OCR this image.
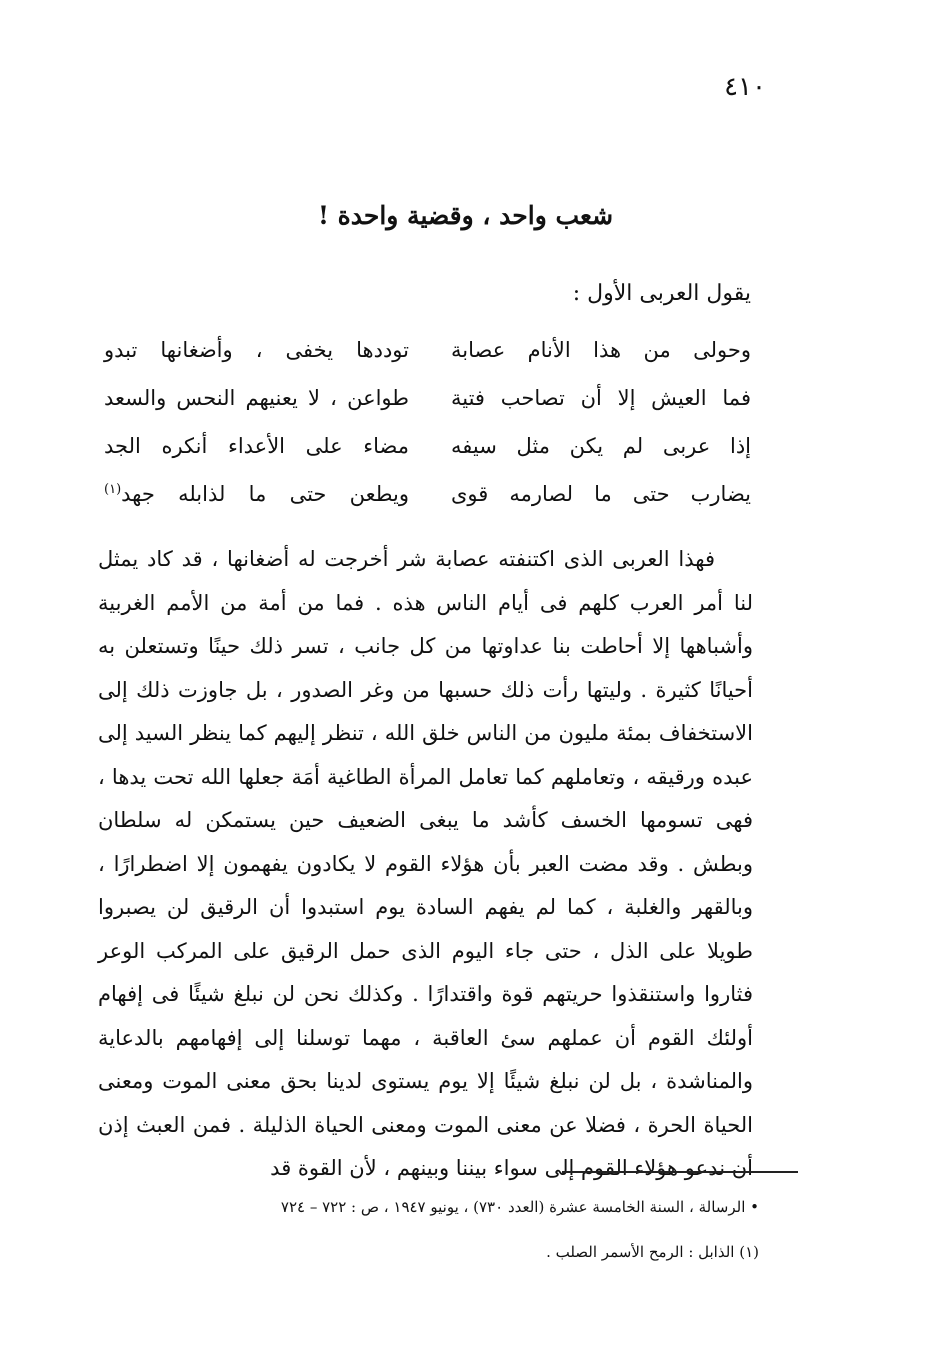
٤١٠
شعب واحد ، وقضية واحدة !
يقول العربى الأول :
وحولى من هذا الأنام عصابة
توددها يخفى ، وأضغانها تبدو
فما العيش إلا أن تصاحب فتية
طواعن ، لا يعنيهم النحس والسعد
إذا عربى لم يكن مثل سيفه
مضاء على الأعداء أنكره الجد
يضارب حتى ما لصارمه قوى
ويطعن حتى ما لذابله جهد$^{(١)}$
فهذا العربى الذى اكتنفته عصابة شر أخرجت له أضغانها ، قد كاد يمثل لنا أمر العرب كلهم فى أيام الناس هذه . فما من أمة من الأمم الغربية وأشباهها إلا أحاطت بنا عداوتها من كل جانب ، تسر ذلك حينًا وتستعلن به أحيانًا كثيرة . وليتها رأت ذلك حسبها من وغر الصدور ، بل جاوزت ذلك إلى الاستخفاف بمئة مليون من الناس خلق الله ، تنظر إليهم كما ينظر السيد إلى عبده ورقيقه ، وتعاملهم كما تعامل المرأة الطاغية أمَة جعلها الله تحت يدها ، فهى تسومها الخسف كأشد ما يبغى الضعيف حين يستمكن له سلطان وبطش . وقد مضت العبر بأن هؤلاء القوم لا يكادون يفهمون إلا اضطرارًا ، وبالقهر والغلبة ، كما لم يفهم السادة يوم استبدوا أن الرقيق لن يصبروا طويلا على الذل ، حتى جاء اليوم الذى حمل الرقيق على المركب الوعر فثاروا واستنقذوا حريتهم قوة واقتدارًا . وكذلك نحن لن نبلغ شيئًا فى إفهام أولئك القوم أن عملهم سئ العاقبة ، مهما توسلنا إلى إفهامهم بالدعاية والمناشدة ، بل لن نبلغ شيئًا إلا يوم يستوى لدينا بحق معنى الموت ومعنى الحياة الحرة ، فضلا عن معنى الموت ومعنى الحياة الذليلة . فمن العبث إذن أن ندعو هؤلاء القوم إلى سواء بيننا وبينهم ، لأن القوة قد
• الرسالة ، السنة الخامسة عشرة (العدد ٧٣٠) ، يونيو ١٩٤٧ ، ص : ٧٢٢ – ٧٢٤
(١) الذابل : الرمح الأسمر الصلب .
